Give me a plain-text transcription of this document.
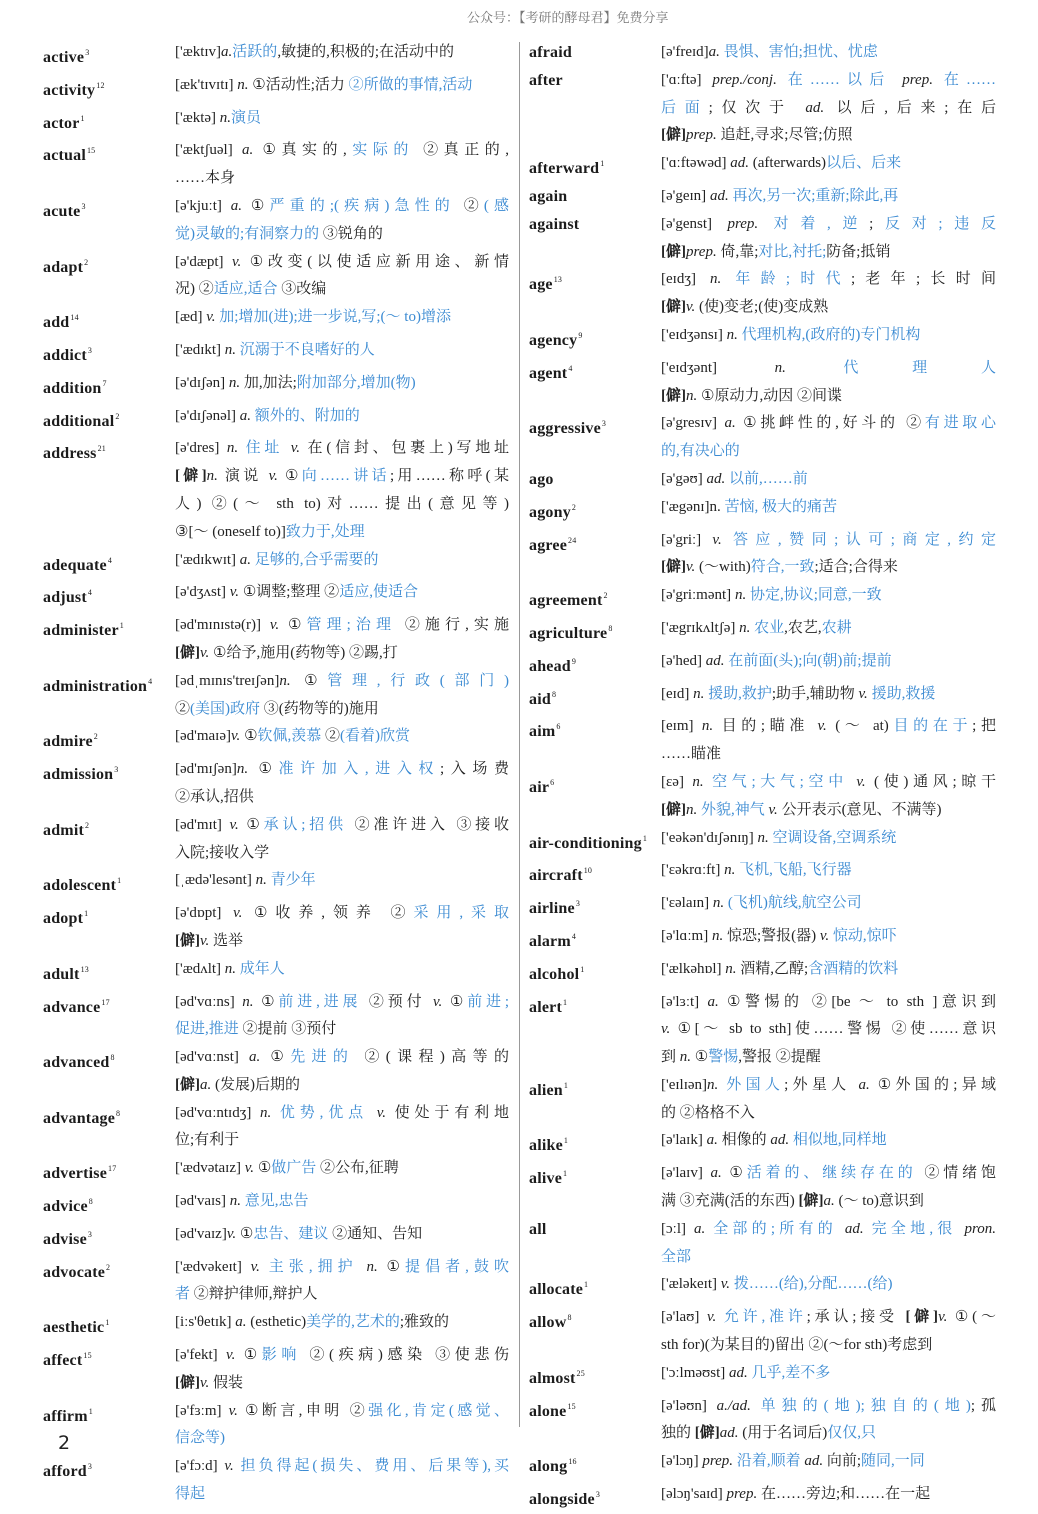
公众号：【考研的酵母君】免费分享
active$^3$	['æktɪv]a.活跃的,敏捷的,积极的;在活动中的
activity$^{12}$	[æk'tɪvɪtɪ] n. ①活动性;活力 ②所做的事情,活动
actor$^1$	['æktə] n.演员
actual$^{15}$	['æktʃuəl] a. ①真实的,实际的 ②真正的,
……本身
acute$^3$	[ə'kjuːt] a. ①严重的;(疾病)急性的 ②(感
觉)灵敏的;有洞察力的 ③锐角的
adapt$^2$	[ə'dæpt] v. ①改变(以使适应新用途、新情
况) ②适应,适合 ③改编
add$^{14}$	[æd] v. 加;增加(进);进一步说,写;(～ to)增添
addict$^3$	['ædɪkt] n. 沉溺于不良嗜好的人
addition$^7$	[ə'dɪʃən] n. 加,加法;附加部分,增加(物)
additional$^2$	[ə'dɪʃənəl] a. 额外的、附加的
address$^{21}$	[ə'dres] n. 住址 v. 在(信封、包裹上)写地址
[僻]n. 演说 v. ①向……讲话;用……称呼(某
人) ②(～ sth to)对……提出(意见等)
③[～ (oneself to)]致力于,处理
adequate$^4$	['ædɪkwɪt] a. 足够的,合乎需要的
adjust$^4$	[ə'dʒʌst] v. ①调整;整理 ②适应,使适合
administer$^1$	[əd'mɪnɪstə(r)] v. ①管理;治理 ②施行,实施
[僻]v. ①给予,施用(药物等) ②踢,打
administration$^4$	[ədˌmɪnɪs'treɪʃən]n. ①管理,行政(部门)
②(美国)政府 ③(药物等的)施用
admire$^2$	[əd'maɪə]v. ①钦佩,羡慕 ②(看着)欣赏
admission$^3$	[əd'mɪʃən]n. ①准许加入,进入权;入场费
②承认,招供
admit$^2$	[əd'mɪt] v. ①承认;招供 ②准许进入 ③接收
入院;接收入学
adolescent$^1$	[ˌædə'lesənt] n. 青少年
adopt$^1$	[ə'dɒpt] v. ①收养,领养 ②采用,采取
[僻]v. 选举
adult$^{13}$	['ædʌlt] n. 成年人
advance$^{17}$	[əd'vɑːns] n. ①前进,进展 ②预付 v. ①前进;
促进,推进 ②提前 ③预付
advanced$^8$	[əd'vɑːnst] a. ①先进的 ②(课程)高等的
[僻]a. (发展)后期的
advantage$^8$	[əd'vɑːntɪdʒ] n. 优势,优点 v. 使处于有利地
位;有利于
advertise$^{17}$	['ædvətaɪz] v. ①做广告 ②公布,征聘
advice$^8$	[əd'vaɪs] n. 意见,忠告
advise$^3$	[əd'vaɪz]v. ①忠告、建议 ②通知、告知
advocate$^2$	['ædvəkeɪt] v. 主张,拥护 n. ①提倡者,鼓吹
者 ②辩护律师,辩护人
aesthetic$^1$	[iːs'θetɪk] a. (esthetic)美学的,艺术的;雅致的
affect$^{15}$	[ə'fekt] v. ①影响 ②(疾病)感染 ③使悲伤
[僻]v. 假装
affirm$^1$	[ə'fɜːm] v. ①断言,申明 ②强化,肯定(感觉、
信念等)
afford$^3$	[ə'fɔːd] v. 担负得起(损失、费用、后果等),买
得起
afraid	[ə'freɪd]a. 畏惧、害怕;担忧、忧虑
after	['ɑːftə] prep./conj. 在……以后 prep. 在……
后面;仅次于 ad. 以后,后来;在后
[僻]prep. 追赶,寻求;尽管;仿照
afterward$^1$	['ɑːftəwəd] ad. (afterwards)以后、后来
again	[ə'geɪn] ad. 再次,另一次;重新;除此,再
against	[ə'genst] prep. 对着,逆;反对;违反
[僻]prep. 倚,靠;对比,衬托;防备;抵销
age$^{13}$	[eɪdʒ] n. 年龄;时代;老年;长时间
[僻]v. (使)变老;(使)变成熟
agency$^9$	['eɪdʒənsɪ] n. 代理机构,(政府的)专门机构
agent$^4$	['eɪdʒənt] n.	代理人
[僻]n. ①原动力,动因 ②间谍
aggressive$^3$	[ə'gresɪv] a. ①挑衅性的,好斗的 ②有进取心
的,有决心的
ago	[ə'gəʊ] ad. 以前,……前
agony$^2$	['ægənɪ]n. 苦恼, 极大的痛苦
agree$^{24}$	[ə'griː] v. 答应,赞同;认可;商定,约定
[僻]v. (～with)符合,一致;适合;合得来
agreement$^2$	[ə'griːmənt] n. 协定,协议;同意,一致
agriculture$^8$	['ægrɪkʌltʃə] n. 农业,农艺,农耕
ahead$^9$	[ə'hed] ad. 在前面(头);向(朝)前;提前
aid$^8$	[eɪd] n. 援助,救护;助手,辅助物 v. 援助,救援
aim$^6$	[eɪm] n. 目的;瞄准 v. (～ at)目的在于;把
……瞄准
air$^6$	[ɛə] n. 空气;大气;空中 v. (使)通风;晾干
[僻]n. 外貌,神气 v. 公开表示(意见、不满等)
air-conditioning$^1$ ['eəkən'dɪʃənɪŋ] n. 空调设备,空调系统
aircraft$^{10}$	['ɛəkrɑːft] n. 飞机,飞船,飞行器
airline$^3$	['ɛəlaɪn] n. (飞机)航线,航空公司
alarm$^4$	[ə'lɑːm] n. 惊恐;警报(器) v. 惊动,惊吓
alcohol$^1$	['ælkəhɒl] n. 酒精,乙醇;含酒精的饮料
alert$^1$	[ə'lɜːt] a. ①警惕的 ②[be ～ to sth ]意识到
v. ①[～ sb to sth]使……警惕 ②使……意识
到 n. ①警惕,警报 ②提醒
alien$^1$	['eɪlɪən]n. 外国人;外星人 a. ①外国的;异域
的 ②格格不入
alike$^1$	[ə'laɪk] a. 相像的 ad. 相似地,同样地
alive$^1$	[ə'laɪv] a. ①活着的、继续存在的 ②情绪饱
满 ③充满(活的东西) [僻]a. (～ to)意识到
all	[ɔːl] a. 全部的;所有的 ad. 完全地,很 pron.
全部
allocate$^1$	['æləkeɪt] v. 拨……(给),分配……(给)
allow$^8$	[ə'laʊ] v. 允许,准许;承认;接受 [僻]v. ①(～
sth for)(为某目的)留出 ②(～for sth)考虑到
almost$^{25}$	['ɔːlməʊst] ad. 几乎,差不多
alone$^{15}$	[ə'ləʊn] a./ad. 单独的(地);独自的(地);孤
独的 [僻]ad. (用于名词后)仅仅,只
along$^{16}$	[ə'lɔŋ] prep. 沿着,顺着 ad. 向前;随同,一同
alongside$^3$	[əlɔŋ'saɪd] prep. 在……旁边;和……在一起
2
